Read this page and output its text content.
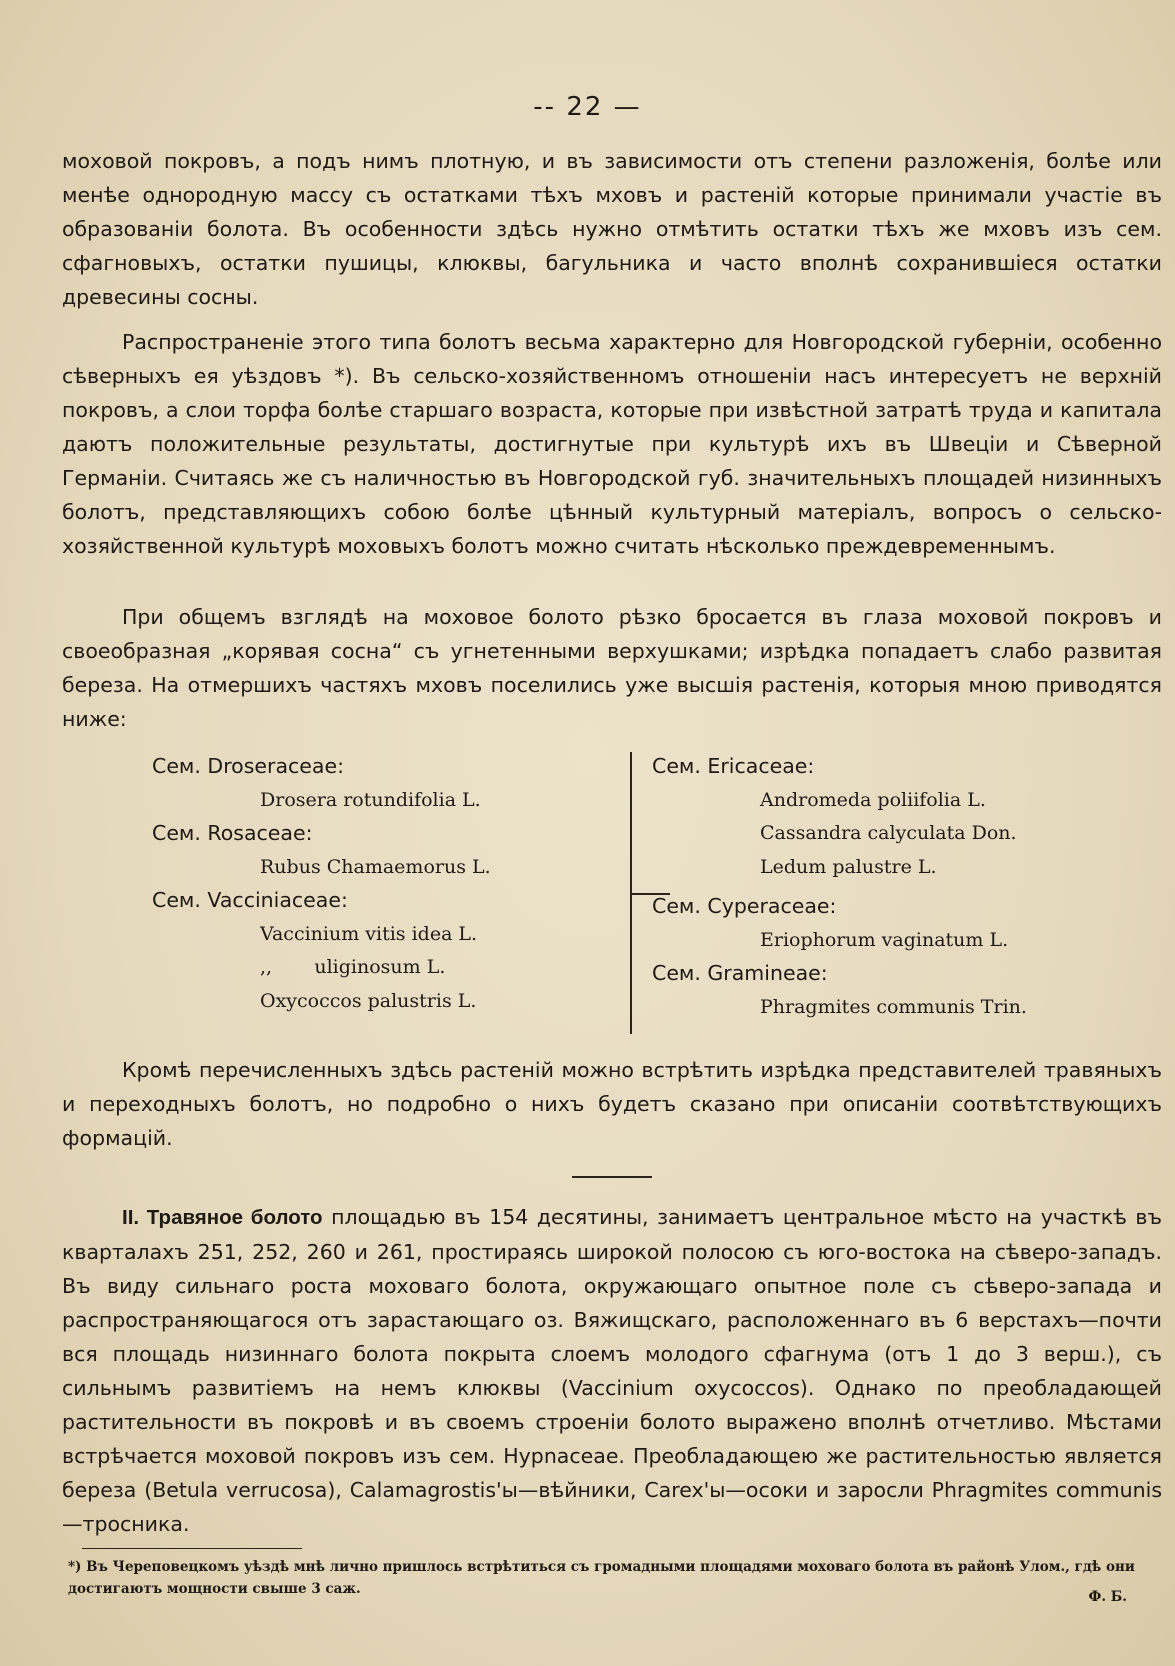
-- 22 —

моховой покровъ, а подъ нимъ плотную, и въ зависимости отъ степени разложенія, болѣе или менѣе однородную массу съ остатками тѣхъ мховъ и растеній которые принимали участіе въ образованіи болота. Въ особенности здѣсь нужно отмѣтить остатки тѣхъ же мховъ изъ сем. сфагновыхъ, остатки пушицы, клюквы, багульника и часто вполнѣ сохранившіеся остатки древесины сосны.

Распространеніе этого типа болотъ весьма характерно для Новгородской губерніи, особенно сѣверныхъ ея уѣздовъ *). Въ сельско-хозяйственномъ отношеніи насъ интересуетъ не верхній покровъ, а слои торфа болѣе старшаго возраста, которые при извѣстной затратѣ труда и капитала даютъ положительные результаты, достигнутые при культурѣ ихъ въ Швеціи и Сѣверной Германіи. Считаясь же съ наличностью въ Новгородской губ. значительныхъ площадей низинныхъ болотъ, представляющихъ собою болѣе цѣнный культурный матеріалъ, вопросъ о сельско-хозяйственной культурѣ моховыхъ болотъ можно считать нѣсколько преждевременнымъ.

При общемъ взглядѣ на моховое болото рѣзко бросается въ глаза моховой покровъ и своеобразная „корявая сосна“ съ угнетенными верхушками; изрѣдка попадаетъ слабо развитая береза. На отмершихъ частяхъ мховъ поселились уже высшія растенія, которыя мною приводятся ниже:

Сем. Droseraceae:
Drosera rotundifolia L.
Сем. Rosaceae:
Rubus Chamaemorus L.
Сем. Vacciniaceae:
Vaccinium vitis idea L.
,,       uliginosum L.
Oxycoccos palustris L.
Сем. Ericaceae:
Andromeda poliifolia L.
Cassandra calyculata Don.
Ledum palustre L.
Сем. Cyperaceae:
Eriophorum vaginatum L.
Сем. Gramineae:
Phragmites communis Trin.

Кромѣ перечисленныхъ здѣсь растеній можно встрѣтить изрѣдка представителей травяныхъ и переходныхъ болотъ, но подробно о нихъ будетъ сказано при описаніи соотвѣтствующихъ формацій.

II. Травяное болото площадью въ 154 десятины, занимаетъ центральное мѣсто на участкѣ въ кварталахъ 251, 252, 260 и 261, простираясь широкой полосою съ юго-востока на сѣверо-западъ. Въ виду сильнаго роста моховаго болота, окружающаго опытное поле съ сѣверо-запада и распространяющагося отъ зарастающаго оз. Вяжищскаго, расположеннаго въ 6 верстахъ—почти вся площадь низиннаго болота покрыта слоемъ молодого сфагнума (отъ 1 до 3 верш.), съ сильнымъ развитіемъ на немъ клюквы (Vaccinium oxycoccos). Однако по преобладающей растительности въ покровѣ и въ своемъ строеніи болото выражено вполнѣ отчетливо. Мѣстами встрѣчается моховой покровъ изъ сем. Hypnaceae. Преобладающею же растительностью является береза (Betula verrucosa), Calamagrostis'ы—вѣйники, Carex'ы—осоки и заросли Phragmites communis—тросника.

*) Въ Череповецкомъ уѣздѣ мнѣ лично пришлось встрѣтиться съ громадными площадями моховаго болота въ районѣ Улом., гдѣ они достигаютъ мощности свыше 3 саж.	Ф. Б.
